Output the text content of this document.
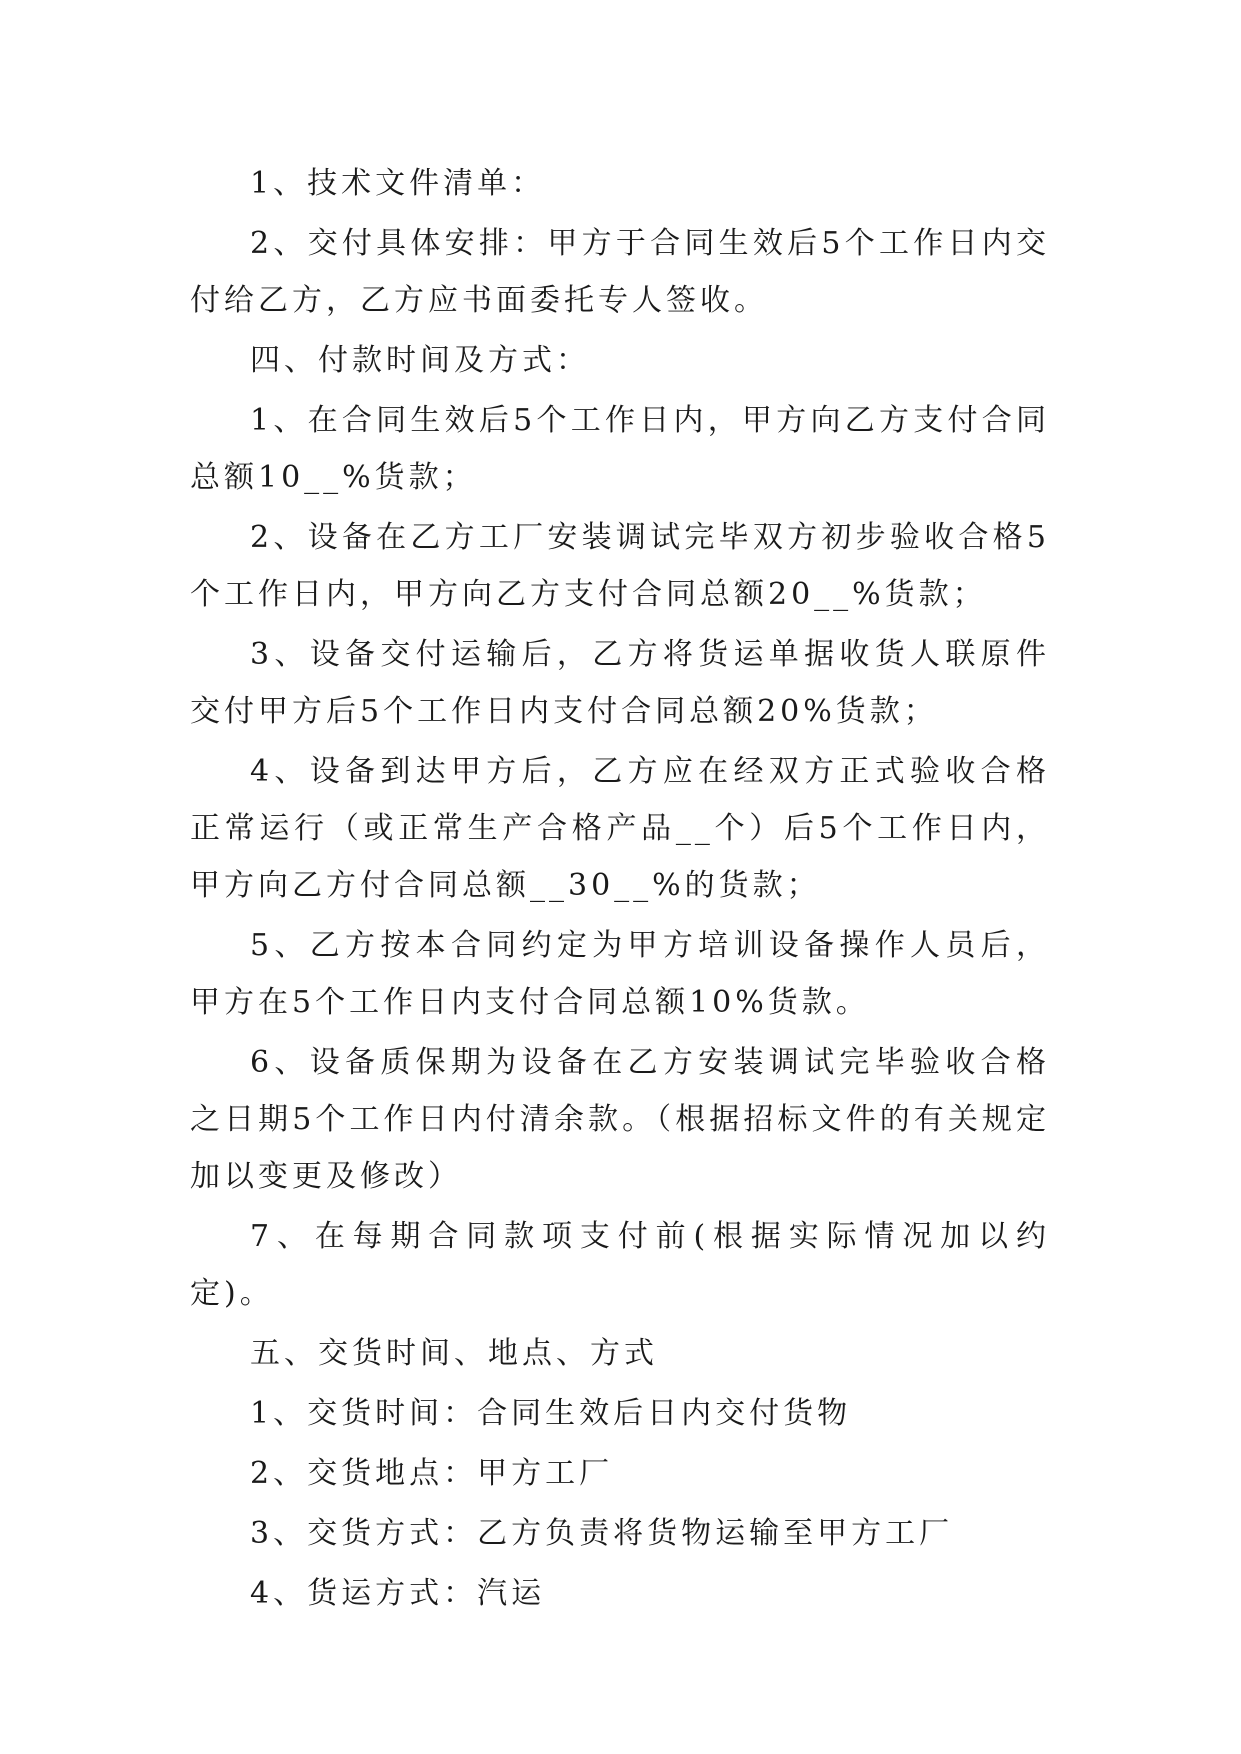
1、技术文件清单：

2、交付具体安排：甲方于合同生效后5个工作日内交付给乙方，乙方应书面委托专人签收。

四、付款时间及方式：

1、在合同生效后5个工作日内，甲方向乙方支付合同总额10__%货款；

2、设备在乙方工厂安装调试完毕双方初步验收合格5个工作日内，甲方向乙方支付合同总额20__%货款；

3、设备交付运输后，乙方将货运单据收货人联原件交付甲方后5个工作日内支付合同总额20%货款；

4、设备到达甲方后，乙方应在经双方正式验收合格正常运行（或正常生产合格产品__个）后5个工作日内，甲方向乙方付合同总额__30__%的货款；

5、乙方按本合同约定为甲方培训设备操作人员后，甲方在5个工作日内支付合同总额10%货款。

6、设备质保期为设备在乙方安装调试完毕验收合格之日期5个工作日内付清余款。（根据招标文件的有关规定加以变更及修改）

7、在每期合同款项支付前(根据实际情况加以约定)。

五、交货时间、地点、方式

1、交货时间：合同生效后日内交付货物

2、交货地点：甲方工厂

3、交货方式：乙方负责将货物运输至甲方工厂

4、货运方式：汽运
